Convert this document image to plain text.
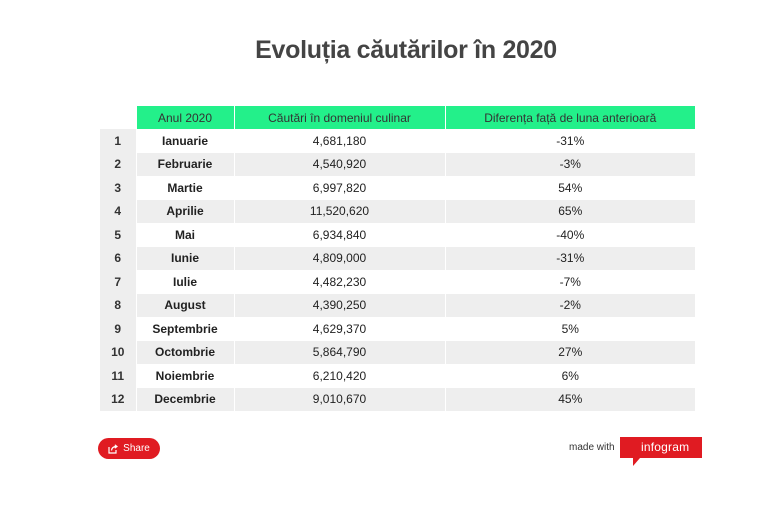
Evoluția căutărilor în 2020
	Anul 2020	Căutări în domeniul culinar	Diferența față de luna anterioară
1	Ianuarie	4,681,180	-31%
2	Februarie	4,540,920	-3%
3	Martie	6,997,820	54%
4	Aprilie	11,520,620	65%
5	Mai	6,934,840	-40%
6	Iunie	4,809,000	-31%
7	Iulie	4,482,230	-7%
8	August	4,390,250	-2%
9	Septembrie	4,629,370	5%
10	Octombrie	5,864,790	27%
11	Noiembrie	6,210,420	6%
12	Decembrie	9,010,670	45%
Share	made with infogram
